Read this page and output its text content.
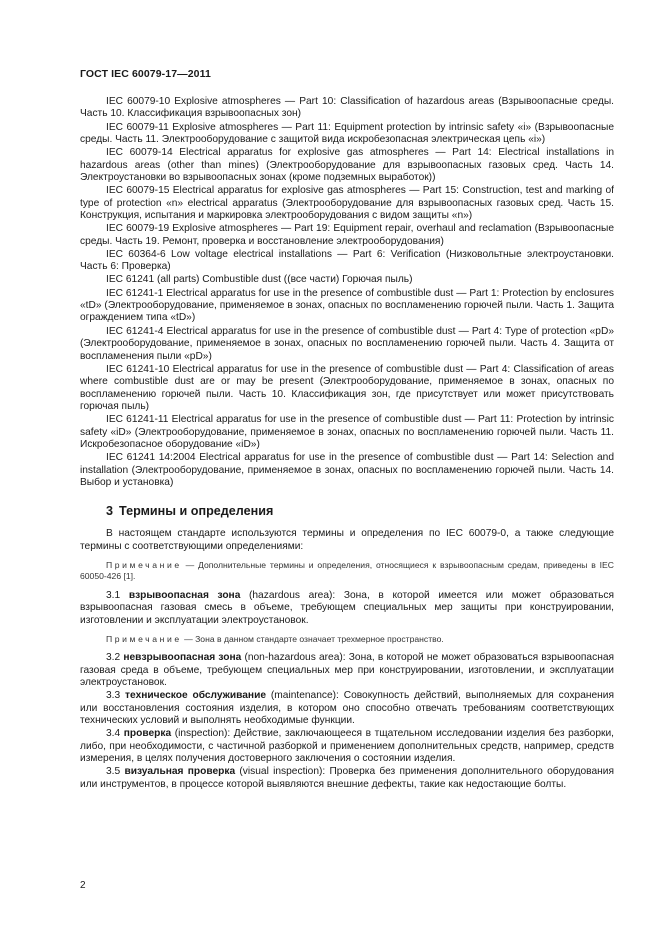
ГОСТ IEC 60079-17—2011

IEC 60079-10 Explosive atmospheres — Part 10: Classification of hazardous areas (Взрывоопасные среды. Часть 10. Классификация взрывоопасных зон)

IEC 60079-11 Explosive atmospheres — Part 11: Equipment protection by intrinsic safety «i» (Взрывоопасные среды. Часть 11. Электрооборудование с защитой вида искробезопасная электрическая цепь «i»)

IEC 60079-14 Electrical apparatus for explosive gas atmospheres — Part 14: Electrical installations in hazardous areas (other than mines) (Электрооборудование для взрывоопасных газовых сред. Часть 14. Электроустановки во взрывоопасных зонах (кроме подземных выработок))

IEC 60079-15 Electrical apparatus for explosive gas atmospheres — Part 15: Construction, test and marking of type of protection «n» electrical apparatus (Электрооборудование для взрывоопасных газовых сред. Часть 15. Конструкция, испытания и маркировка электрооборудования с видом защиты «n»)

IEC 60079-19 Explosive atmospheres — Part 19: Equipment repair, overhaul and reclamation (Взрывоопасные среды. Часть 19. Ремонт, проверка и восстановление электрооборудования)

IEC 60364-6 Low voltage electrical installations — Part 6: Verification (Низковольтные электроустановки. Часть 6: Проверка)

IEC 61241 (all parts) Combustible dust ((все части) Горючая пыль)

IEC 61241-1 Electrical apparatus for use in the presence of combustible dust — Part 1: Protection by enclosures «tD» (Электрооборудование, применяемое в зонах, опасных по воспламенению горючей пыли. Часть 1. Защита ограждением типа «tD»)

IEC 61241-4 Electrical apparatus for use in the presence of combustible dust — Part 4: Type of protection «pD» (Электрооборудование, применяемое в зонах, опасных по воспламенению горючей пыли. Часть 4. Защита от воспламенения пыли «pD»)

IEC 61241-10 Electrical apparatus for use in the presence of combustible dust — Part 4: Classification of areas where combustible dust are or may be present (Электрооборудование, применяемое в зонах, опасных по воспламенению горючей пыли. Часть 10. Классификация зон, где присутствует или может присутствовать горючая пыль)

IEC 61241-11 Electrical apparatus for use in the presence of combustible dust — Part 11: Protection by intrinsic safety «iD» (Электрооборудование, применяемое в зонах, опасных по воспламенению горючей пыли. Часть 11. Искробезопасное оборудование «iD»)

IEC 61241 14:2004 Electrical apparatus for use in the presence of combustible dust — Part 14: Selection and installation (Электрооборудование, применяемое в зонах, опасных по воспламенению горючей пыли. Часть 14. Выбор и установка)

3 Термины и определения

В настоящем стандарте используются термины и определения по IEC 60079-0, а также следующие термины с соответствующими определениями:

Примечание — Дополнительные термины и определения, относящиеся к взрывоопасным средам, приведены в IEC 60050-426 [1].

3.1 взрывоопасная зона (hazardous area): Зона, в которой имеется или может образоваться взрывоопасная газовая смесь в объеме, требующем специальных мер защиты при конструировании, изготовлении и эксплуатации электроустановок.

Примечание — Зона в данном стандарте означает трехмерное пространство.

3.2 невзрывоопасная зона (non-hazardous area): Зона, в которой не может образоваться взрывоопасная газовая среда в объеме, требующем специальных мер при конструировании, изготовлении, и эксплуатации электроустановок.

3.3 техническое обслуживание (maintenance): Совокупность действий, выполняемых для сохранения или восстановления состояния изделия, в котором оно способно отвечать требованиям соответствующих технических условий и выполнять необходимые функции.

3.4 проверка (inspection): Действие, заключающееся в тщательном исследовании изделия без разборки, либо, при необходимости, с частичной разборкой и применением дополнительных средств, например, средств измерения, в целях получения достоверного заключения о состоянии изделия.

3.5 визуальная проверка (visual inspection): Проверка без применения дополнительного оборудования или инструментов, в процессе которой выявляются внешние дефекты, такие как недостающие болты.

2
